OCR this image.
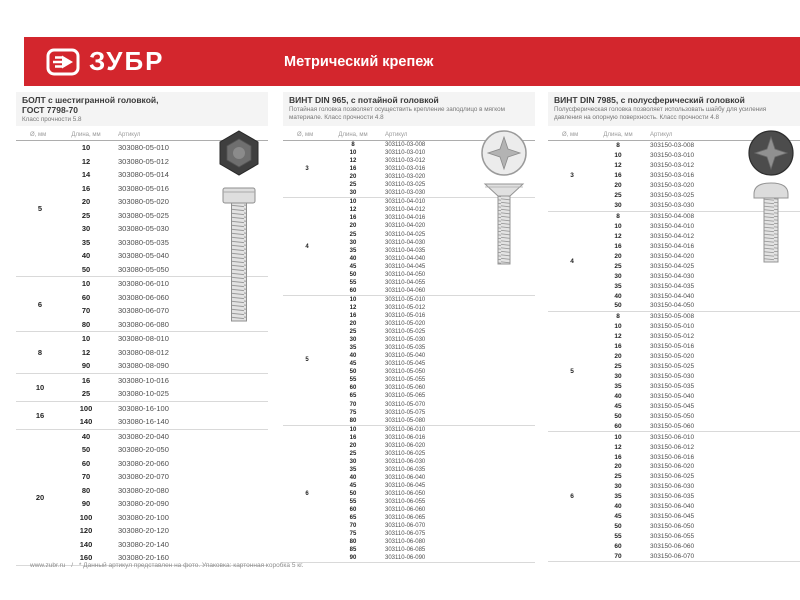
ЗУБР	Метрический крепеж
БОЛТ с шестигранной головкой,
ГОСТ 7798-70
Класс прочности 5.8
Ø, мм	Длина, мм	Артикул
5
10	303080-05-010
12	303080-05-012
14	303080-05-014
16	303080-05-016
20	303080-05-020
25	303080-05-025
30	303080-05-030
35	303080-05-035
40	303080-05-040
50	303080-05-050
6
10	303080-06-010
60	303080-06-060
70	303080-06-070
80	303080-06-080
8
10	303080-08-010
12	303080-08-012
90	303080-08-090
10
16	303080-10-016
25	303080-10-025
16
100	303080-16-100
140	303080-16-140
20
40	303080-20-040
50	303080-20-050
60	303080-20-060
70	303080-20-070
80	303080-20-080
90	303080-20-090
100	303080-20-100
120	303080-20-120
140	303080-20-140
160	303080-20-160
ВИНТ DIN 965, с потайной головкой
Потайная головка позволяет осуществить крепление заподлицо в мягком материале. Класс прочности 4.8
Ø, мм	Длина, мм	Артикул
3
8	303110-03-008
10	303110-03-010
12	303110-03-012
16	303110-03-016
20	303110-03-020
25	303110-03-025
30	303110-03-030
4
10	303110-04-010
12	303110-04-012
16	303110-04-016
20	303110-04-020
25	303110-04-025
30	303110-04-030
35	303110-04-035
40	303110-04-040
45	303110-04-045
50	303110-04-050
55	303110-04-055
60	303110-04-060
5
10	303110-05-010
12	303110-05-012
16	303110-05-016
20	303110-05-020
25	303110-05-025
30	303110-05-030
35	303110-05-035
40	303110-05-040
45	303110-05-045
50	303110-05-050
55	303110-05-055
60	303110-05-060
65	303110-05-065
70	303110-05-070
75	303110-05-075
80	303110-05-080
6
10	303110-06-010
16	303110-06-016
20	303110-06-020
25	303110-06-025
30	303110-06-030
35	303110-06-035
40	303110-06-040
45	303110-06-045
50	303110-06-050
55	303110-06-055
60	303110-06-060
65	303110-06-065
70	303110-06-070
75	303110-06-075
80	303110-06-080
85	303110-06-085
90	303110-06-090
ВИНТ DIN 7985, с полусферический головкой
Полусферическая головка позволяет использовать шайбу для усиления давления на опорную поверхность. Класс прочности 4.8
Ø, мм	Длина, мм	Артикул
3
8	303150-03-008
10	303150-03-010
12	303150-03-012
16	303150-03-016
20	303150-03-020
25	303150-03-025
30	303150-03-030
4
8	303150-04-008
10	303150-04-010
12	303150-04-012
16	303150-04-016
20	303150-04-020
25	303150-04-025
30	303150-04-030
35	303150-04-035
40	303150-04-040
50	303150-04-050
5
8	303150-05-008
10	303150-05-010
12	303150-05-012
16	303150-05-016
20	303150-05-020
25	303150-05-025
30	303150-05-030
35	303150-05-035
40	303150-05-040
45	303150-05-045
50	303150-05-050
60	303150-05-060
6
10	303150-06-010
12	303150-06-012
16	303150-06-016
20	303150-06-020
25	303150-06-025
30	303150-06-030
35	303150-06-035
40	303150-06-040
45	303150-06-045
50	303150-06-050
55	303150-06-055
60	303150-06-060
70	303150-06-070
www.zubr.ru / * Данный артикул представлен на фото. Упаковка: картонная коробка 5 кг.
